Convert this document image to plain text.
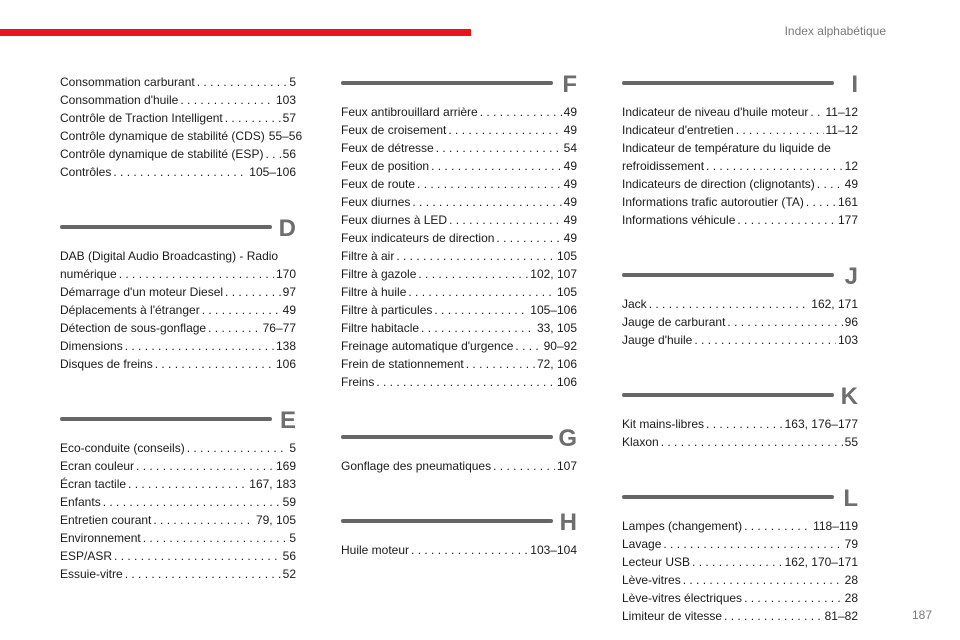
Index alphabétique
187
Consommation carburant . . .	5
Consommation d'huile . . .	103
Contrôle de Traction Intelligent . . .	57
Contrôle dynamique de stabilité (CDS) 55–56
Contrôle dynamique de stabilité (ESP) . . . 56
Contrôles . . .	105–106
D
DAB (Digital Audio Broadcasting) - Radio
numérique . . .	170
Démarrage d'un moteur Diesel . . .	97
Déplacements à l'étranger . . .	49
Détection de sous-gonflage . . .	76–77
Dimensions . . .	138
Disques de freins . . .	106
E
Eco-conduite (conseils) . . .	5
Ecran couleur . . .	169
Écran tactile . . .	167, 183
Enfants . . .	59
Entretien courant . . .	79, 105
Environnement . . .	5
ESP/ASR . . .	56
Essuie-vitre . . .	52
F
Feux antibrouillard arrière . . .	49
Feux de croisement . . .	49
Feux de détresse . . .	54
Feux de position . . .	49
Feux de route . . .	49
Feux diurnes . . .	49
Feux diurnes à LED . . .	49
Feux indicateurs de direction . . .	49
Filtre à air . . .	105
Filtre à gazole . . .	102, 107
Filtre à huile . . .	105
Filtre à particules . . .	105–106
Filtre habitacle . . .	33, 105
Freinage automatique d'urgence . . .	90–92
Frein de stationnement . . .	72, 106
Freins . . .	106
G
Gonflage des pneumatiques . . .	107
H
Huile moteur . . .	103–104
I
Indicateur de niveau d'huile moteur . . . 11–12
Indicateur d'entretien . . .	11–12
Indicateur de température du liquide de
refroidissement . . .	12
Indicateurs de direction (clignotants) . . . 49
Informations trafic autoroutier (TA) . . .	161
Informations véhicule . . .	177
J
Jack . . .	162, 171
Jauge de carburant . . .	96
Jauge d'huile . . .	103
K
Kit mains-libres . . .	163, 176–177
Klaxon . . .	55
L
Lampes (changement) . . .	118–119
Lavage . . .	79
Lecteur USB . . .	162, 170–171
Lève-vitres . . .	28
Lève-vitres électriques . . .	28
Limiteur de vitesse . . .	81–82
